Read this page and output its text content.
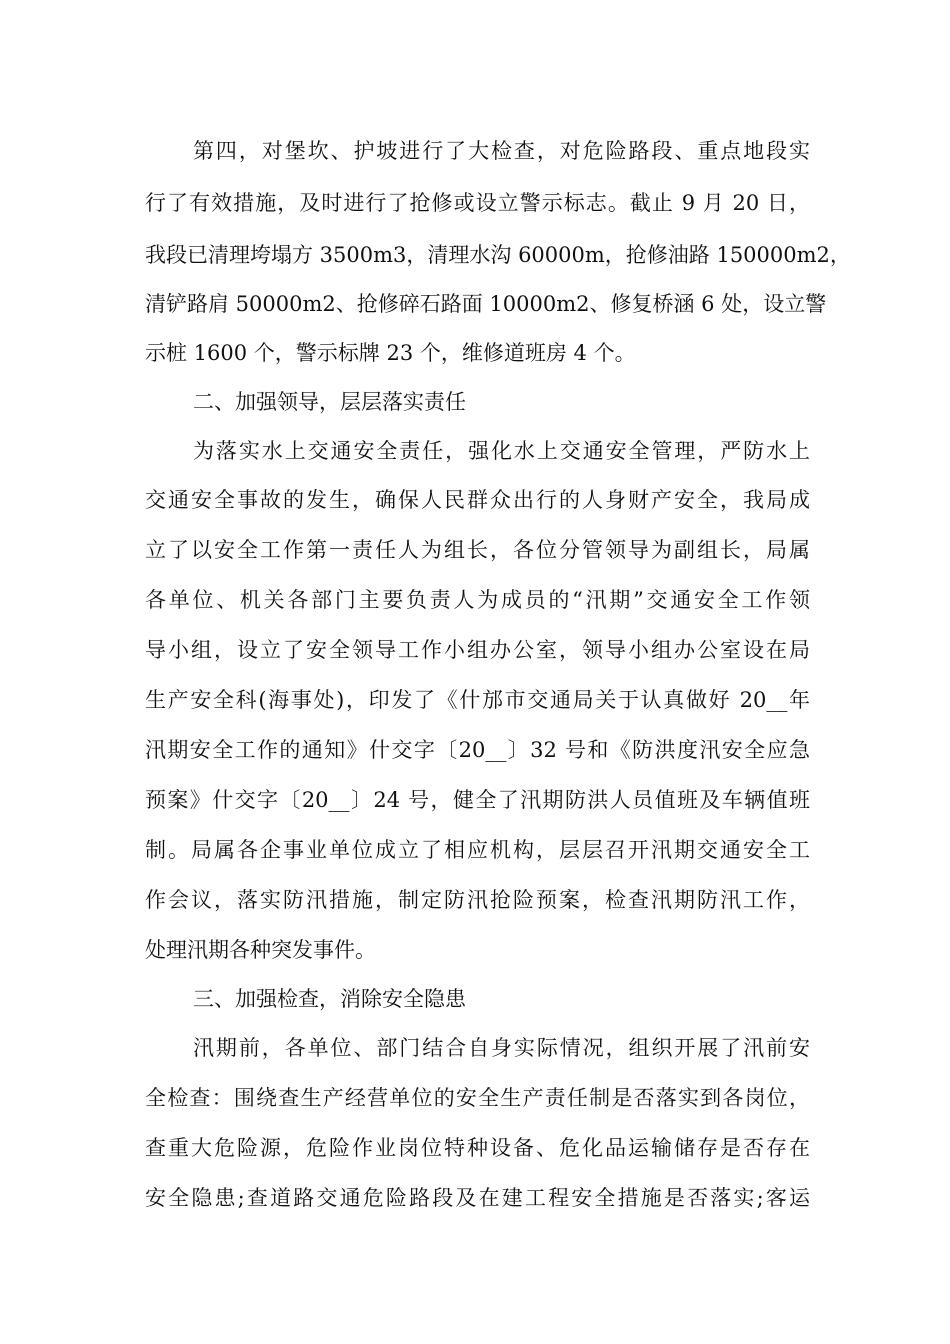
第四，对堡坎、护坡进行了大检查，对危险路段、重点地段实
行了有效措施，及时进行了抢修或设立警示标志。截止 9 月 20 日，
我段已清理垮塌方 3500m3，清理水沟 60000m，抢修油路 150000m2，
清铲路肩 50000m2、抢修碎石路面 10000m2、修复桥涵 6 处，设立警
示桩 1600 个，警示标牌 23 个，维修道班房 4 个。
二、加强领导，层层落实责任
为落实水上交通安全责任，强化水上交通安全管理，严防水上
交通安全事故的发生，确保人民群众出行的人身财产安全，我局成
立了以安全工作第一责任人为组长，各位分管领导为副组长，局属
各单位、机关各部门主要负责人为成员的“汛期”交通安全工作领
导小组，设立了安全领导工作小组办公室，领导小组办公室设在局
生产安全科(海事处)，印发了《什邡市交通局关于认真做好 20__年
汛期安全工作的通知》什交字〔20__〕32 号和《防洪度汛安全应急
预案》什交字〔20__〕24 号，健全了汛期防洪人员值班及车辆值班
制。局属各企事业单位成立了相应机构，层层召开汛期交通安全工
作会议，落实防汛措施，制定防汛抢险预案，检查汛期防汛工作，
处理汛期各种突发事件。
三、加强检查，消除安全隐患
汛期前，各单位、部门结合自身实际情况，组织开展了汛前安
全检查：围绕查生产经营单位的安全生产责任制是否落实到各岗位，
查重大危险源，危险作业岗位特种设备、危化品运输储存是否存在
安全隐患;查道路交通危险路段及在建工程安全措施是否落实;客运
